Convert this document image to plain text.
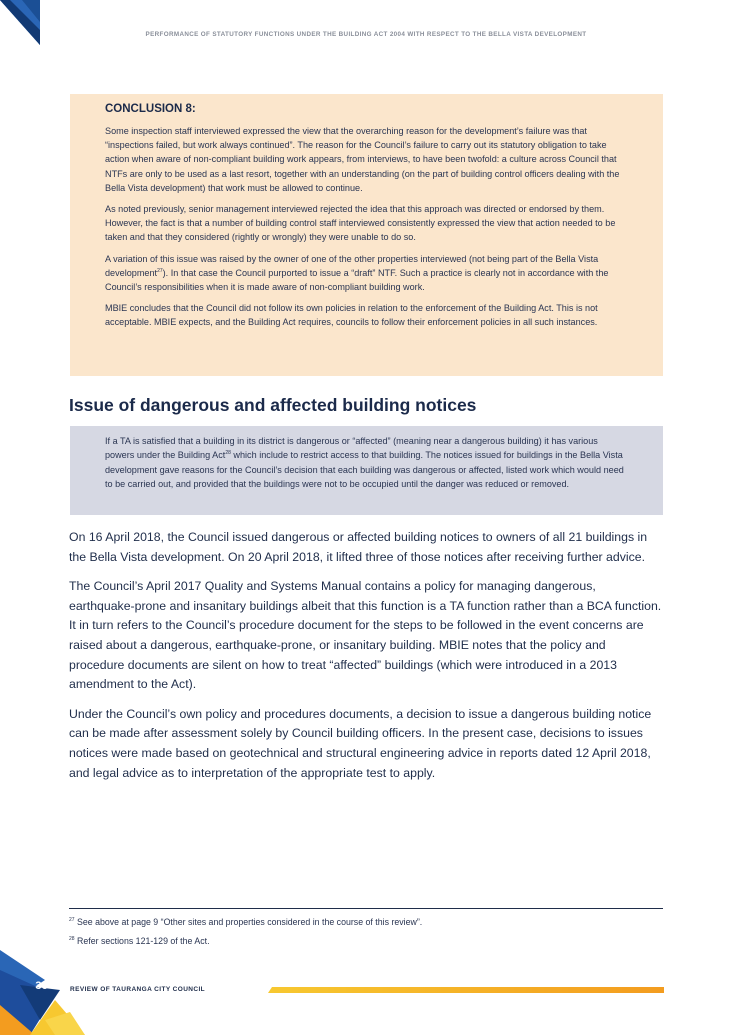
PERFORMANCE OF STATUTORY FUNCTIONS UNDER THE BUILDING ACT 2004 WITH RESPECT TO THE BELLA VISTA DEVELOPMENT
CONCLUSION 8:

Some inspection staff interviewed expressed the view that the overarching reason for the development’s failure was that “inspections failed, but work always continued”. The reason for the Council’s failure to carry out its statutory obligation to take action when aware of non-compliant building work appears, from interviews, to have been twofold: a culture across Council that NTFs are only to be used as a last resort, together with an understanding (on the part of building control officers dealing with the Bella Vista development) that work must be allowed to continue.

As noted previously, senior management interviewed rejected the idea that this approach was directed or endorsed by them. However, the fact is that a number of building control staff interviewed consistently expressed the view that action needed to be taken and that they considered (rightly or wrongly) they were unable to do so.

A variation of this issue was raised by the owner of one of the other properties interviewed (not being part of the Bella Vista development$^{27}$). In that case the Council purported to issue a “draft” NTF. Such a practice is clearly not in accordance with the Council’s responsibilities when it is made aware of non-compliant building work.

MBIE concludes that the Council did not follow its own policies in relation to the enforcement of the Building Act. This is not acceptable. MBIE expects, and the Building Act requires, councils to follow their enforcement policies in all such instances.

Issue of dangerous and affected building notices

If a TA is satisfied that a building in its district is dangerous or “affected” (meaning near a dangerous building) it has various powers under the Building Act$^{28}$ which include to restrict access to that building. The notices issued for buildings in the Bella Vista development gave reasons for the Council’s decision that each building was dangerous or affected, listed work which would need to be carried out, and provided that the buildings were not to be occupied until the danger was reduced or removed.

On 16 April 2018, the Council issued dangerous or affected building notices to owners of all 21 buildings in the Bella Vista development. On 20 April 2018, it lifted three of those notices after receiving further advice.

The Council’s April 2017 Quality and Systems Manual contains a policy for managing dangerous, earthquake-prone and insanitary buildings albeit that this function is a TA function rather than a BCA function. It in turn refers to the Council’s procedure document for the steps to be followed in the event concerns are raised about a dangerous, earthquake-prone, or insanitary building. MBIE notes that the policy and procedure documents are silent on how to treat “affected” buildings (which were introduced in a 2013 amendment to the Act).

Under the Council’s own policy and procedures documents, a decision to issue a dangerous building notice can be made after assessment solely by Council building officers. In the present case, decisions to issues notices were made based on geotechnical and structural engineering advice in reports dated 12 April 2018, and legal advice as to interpretation of the appropriate test to apply.

$^{27}$ See above at page 9 “Other sites and properties considered in the course of this review”.
$^{28}$ Refer sections 121-129 of the Act.
36	REVIEW OF TAURANGA CITY COUNCIL
